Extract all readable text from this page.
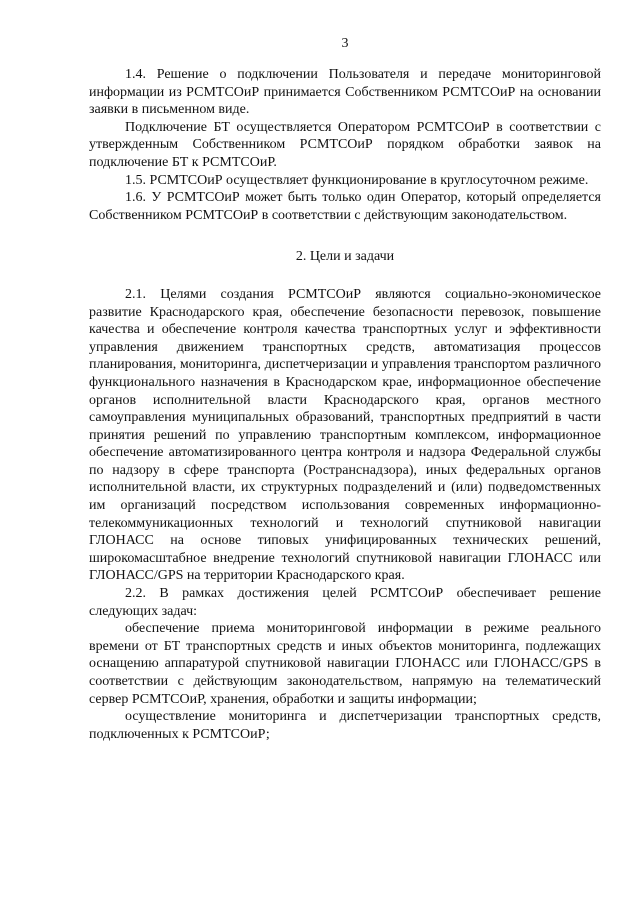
3

1.4. Решение о подключении Пользователя и передаче мониторинговой информации из РСМТСОиР принимается Собственником РСМТСОиР на основании заявки в письменном виде.

Подключение БТ осуществляется Оператором РСМТСОиР в соответствии с утвержденным Собственником РСМТСОиР порядком обработки заявок на подключение БТ к РСМТСОиР.

1.5. РСМТСОиР осуществляет функционирование в круглосуточном режиме.

1.6. У РСМТСОиР может быть только один Оператор, который определяется Собственником РСМТСОиР в соответствии с действующим законодательством.

2. Цели и задачи

2.1. Целями создания РСМТСОиР являются социально-экономическое развитие Краснодарского края, обеспечение безопасности перевозок, повышение качества и обеспечение контроля качества транспортных услуг и эффективности управления движением транспортных средств, автоматизация процессов планирования, мониторинга, диспетчеризации и управления транспортом различного функционального назначения в Краснодарском крае, информационное обеспечение органов исполнительной власти Краснодарского края, органов местного самоуправления муниципальных образований, транспортных предприятий в части принятия решений по управлению транспортным комплексом, информационное обеспечение автоматизированного центра контроля и надзора Федеральной службы по надзору в сфере транспорта (Ространснадзора), иных федеральных органов исполнительной власти, их структурных подразделений и (или) подведомственных им организаций посредством использования современных информационно-телекоммуникационных технологий и технологий спутниковой навигации ГЛОНАСС на основе типовых унифицированных технических решений, широкомасштабное внедрение технологий спутниковой навигации ГЛОНАСС или ГЛОНАСС/GPS на территории Краснодарского края.

2.2. В рамках достижения целей РСМТСОиР обеспечивает решение следующих задач:

обеспечение приема мониторинговой информации в режиме реального времени от БТ транспортных средств и иных объектов мониторинга, подлежащих оснащению аппаратурой спутниковой навигации ГЛОНАСС или ГЛОНАСС/GPS в соответствии с действующим законодательством, напрямую на телематический сервер РСМТСОиР, хранения, обработки и защиты информации;

осуществление мониторинга и диспетчеризации транспортных средств, подключенных к РСМТСОиР;
